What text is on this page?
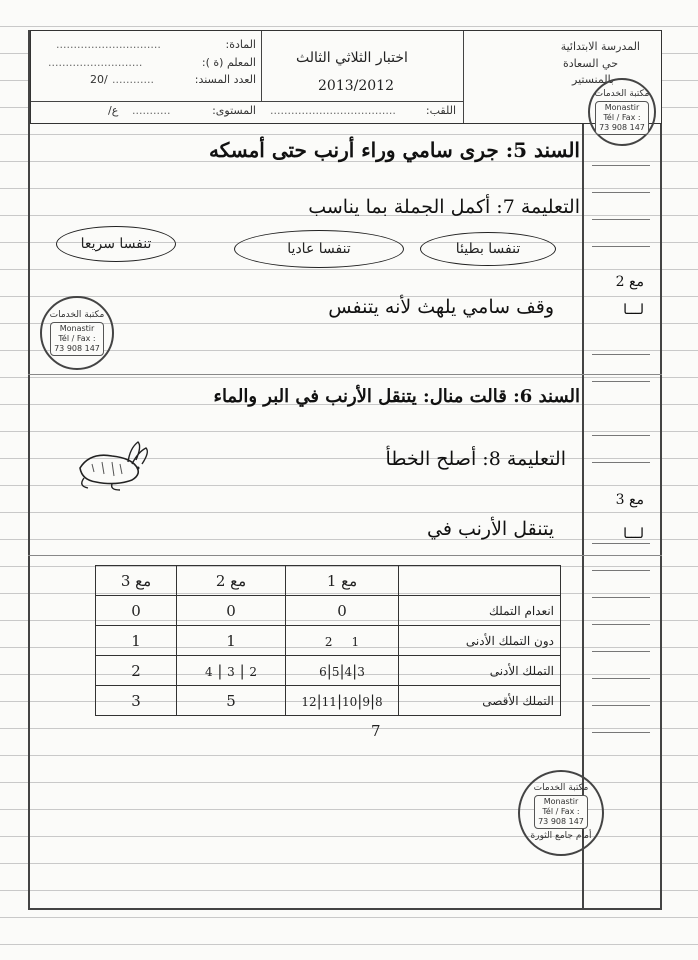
المدرسة الابتدائية
حي السعادة
بالمنستير
اختبار الثلاثي الثالث
2013/2012
المادة:
..............................
المعلم (ة ):
...........................
العدد المسند:
20/ ............
اللقب:
....................................
المستوى:
ع/ ...........
مكتبة الخدمات
Monastir
Tél / Fax :
73 908 147
السند 5: جرى سامي وراء أرنب حتى أمسكه
التعليمة 7: أكمل الجملة بما يناسب
تنفسا سريعا	تنفسا عاديا	تنفسا بطيئا
مع 2
لـــا
وقف سامي يلهث لأنه يتنفس
مكتبة الخدمات
Monastir
Tél / Fax :
73 908 147
السند 6: قالت منال: يتنقل الأرنب في البر والماء
التعليمة 8: أصلح الخطأ
مع 3
لـــا
يتنقل الأرنب في
مع 3	مع 2	مع 1	
0	0	0	انعدام التملك
1	1	2 1	دون التملك الأدنى
2	4 | 3 | 2	6|5|4|3	التملك الأدنى
3	5	12|11|10|9|8	التملك الأقصى
		7	
مكتبة الخدمات
Monastir
Tél / Fax :
73 908 147
أمام جامع الثورة
